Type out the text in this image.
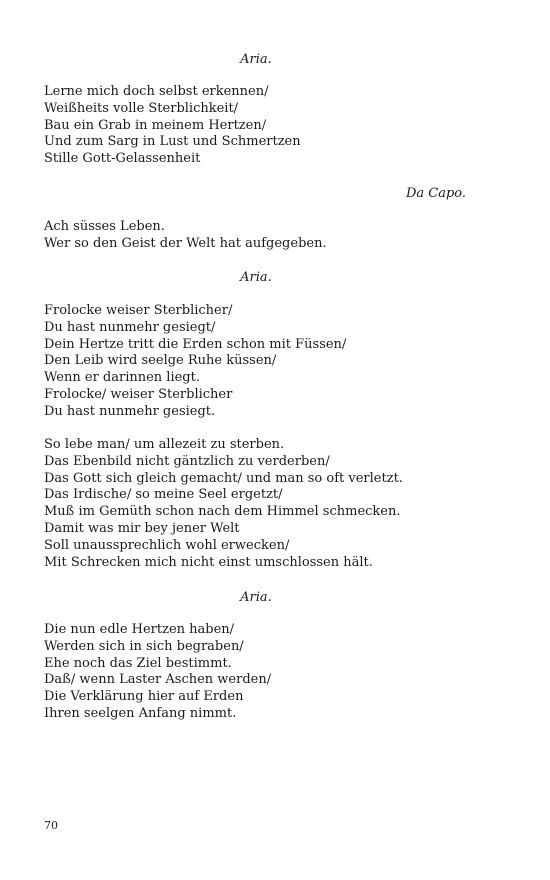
Aria.
Lerne mich doch selbst erkennen/
Weißheits volle Sterblichkeit/
Bau ein Grab in meinem Hertzen/
Und zum Sarg in Lust und Schmertzen
Stille Gott-Gelassenheit
Da Capo.
Ach süsses Leben.
Wer so den Geist der Welt hat aufgegeben.
Aria.
Frolocke weiser Sterblicher/
Du hast nunmehr gesiegt/
Dein Hertze tritt die Erden schon mit Füssen/
Den Leib wird seelge Ruhe küssen/
Wenn er darinnen liegt.
Frolocke/ weiser Sterblicher
Du hast nunmehr gesiegt.
So lebe man/ um allezeit zu sterben.
Das Ebenbild nicht gäntzlich zu verderben/
Das Gott sich gleich gemacht/ und man so oft verletzt.
Das Irdische/ so meine Seel ergetzt/
Muß im Gemüth schon nach dem Himmel schmecken.
Damit was mir bey jener Welt
Soll unaussprechlich wohl erwecken/
Mit Schrecken mich nicht einst umschlossen hält.
Aria.
Die nun edle Hertzen haben/
Werden sich in sich begraben/
Ehe noch das Ziel bestimmt.
Daß/ wenn Laster Aschen werden/
Die Verklärung hier auf Erden
Ihren seelgen Anfang nimmt.
70
